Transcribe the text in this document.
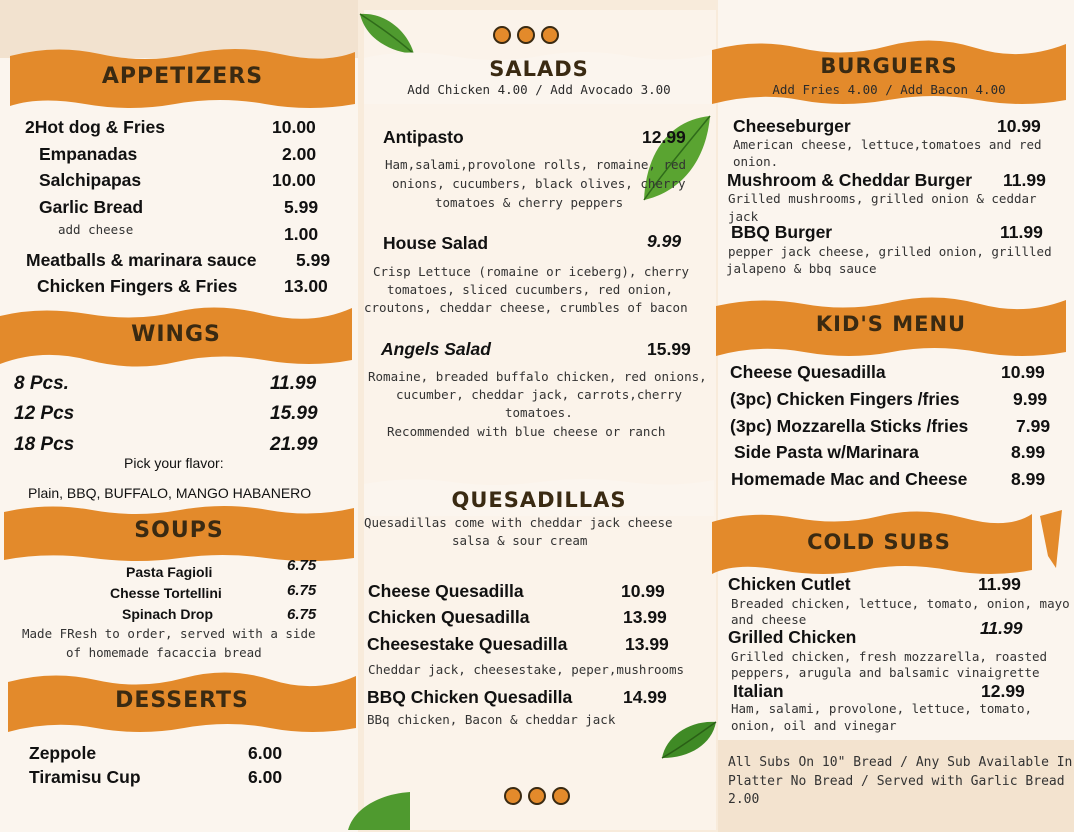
APPETIZERS
2Hot dog & Fries	10.00
Empanadas	2.00
Salchipapas	10.00
Garlic Bread	5.99
add cheese	1.00
Meatballs & marinara sauce 5.99
Chicken Fingers & Fries	13.00
WINGS
8 Pcs.	11.99
12 Pcs	15.99
18 Pcs	21.99
Pick your flavor:
Plain, BBQ, BUFFALO, MANGO HABANERO
SOUPS
Pasta Fagioli	6.75
Chesse Tortellini	6.75
Spinach Drop	6.75
Made FResh to order, served with a side
of homemade facaccia bread
DESSERTS
Zeppole	6.00
Tiramisu Cup	6.00
SALADS
Add Chicken 4.00 / Add Avocado 3.00
Antipasto	12.99
Ham,salami,provolone rolls, romaine, red
onions, cucumbers, black olives, cherry
tomatoes & cherry peppers
House Salad	9.99
Crisp Lettuce (romaine or iceberg), cherry
tomatoes, sliced cucumbers, red onion,
croutons, cheddar cheese, crumbles of bacon
Angels Salad	15.99
Romaine, breaded buffalo chicken, red onions,
cucumber, cheddar jack, carrots,cherry
tomatoes.
Recommended with blue cheese or ranch
QUESADILLAS
Quesadillas come with cheddar jack cheese
salsa & sour cream
Cheese Quesadilla	10.99
Chicken Quesadilla	13.99
Cheesestake Quesadilla	13.99
Cheddar jack, cheesestake, peper,mushrooms
BBQ Chicken Quesadilla	14.99
BBq chicken, Bacon & cheddar jack
BURGUERS
Add Fries 4.00 / Add Bacon 4.00
Cheeseburger	10.99
American cheese, lettuce,tomatoes and red
onion.
Mushroom & Cheddar Burger 11.99
Grilled mushrooms, grilled onion & ceddar jack
BBQ Burger	11.99
pepper jack cheese, grilled onion, grillled
jalapeno & bbq sauce
KID'S MENU
Cheese Quesadilla	10.99
(3pc) Chicken Fingers /fries	9.99
(3pc) Mozzarella Sticks /fries	7.99
Side Pasta w/Marinara	8.99
Homemade Mac and Cheese 8.99
COLD SUBS
Chicken Cutlet	11.99
Breaded chicken, lettuce, tomato, onion, mayo
and cheese
Grilled Chicken	11.99
Grilled chicken, fresh mozzarella, roasted
peppers, arugula and balsamic vinaigrette
Italian	12.99
Ham, salami, provolone, lettuce, tomato,
onion, oil and vinegar
All Subs On 10" Bread / Any Sub Available In
Platter No Bread / Served with Garlic Bread
2.00
